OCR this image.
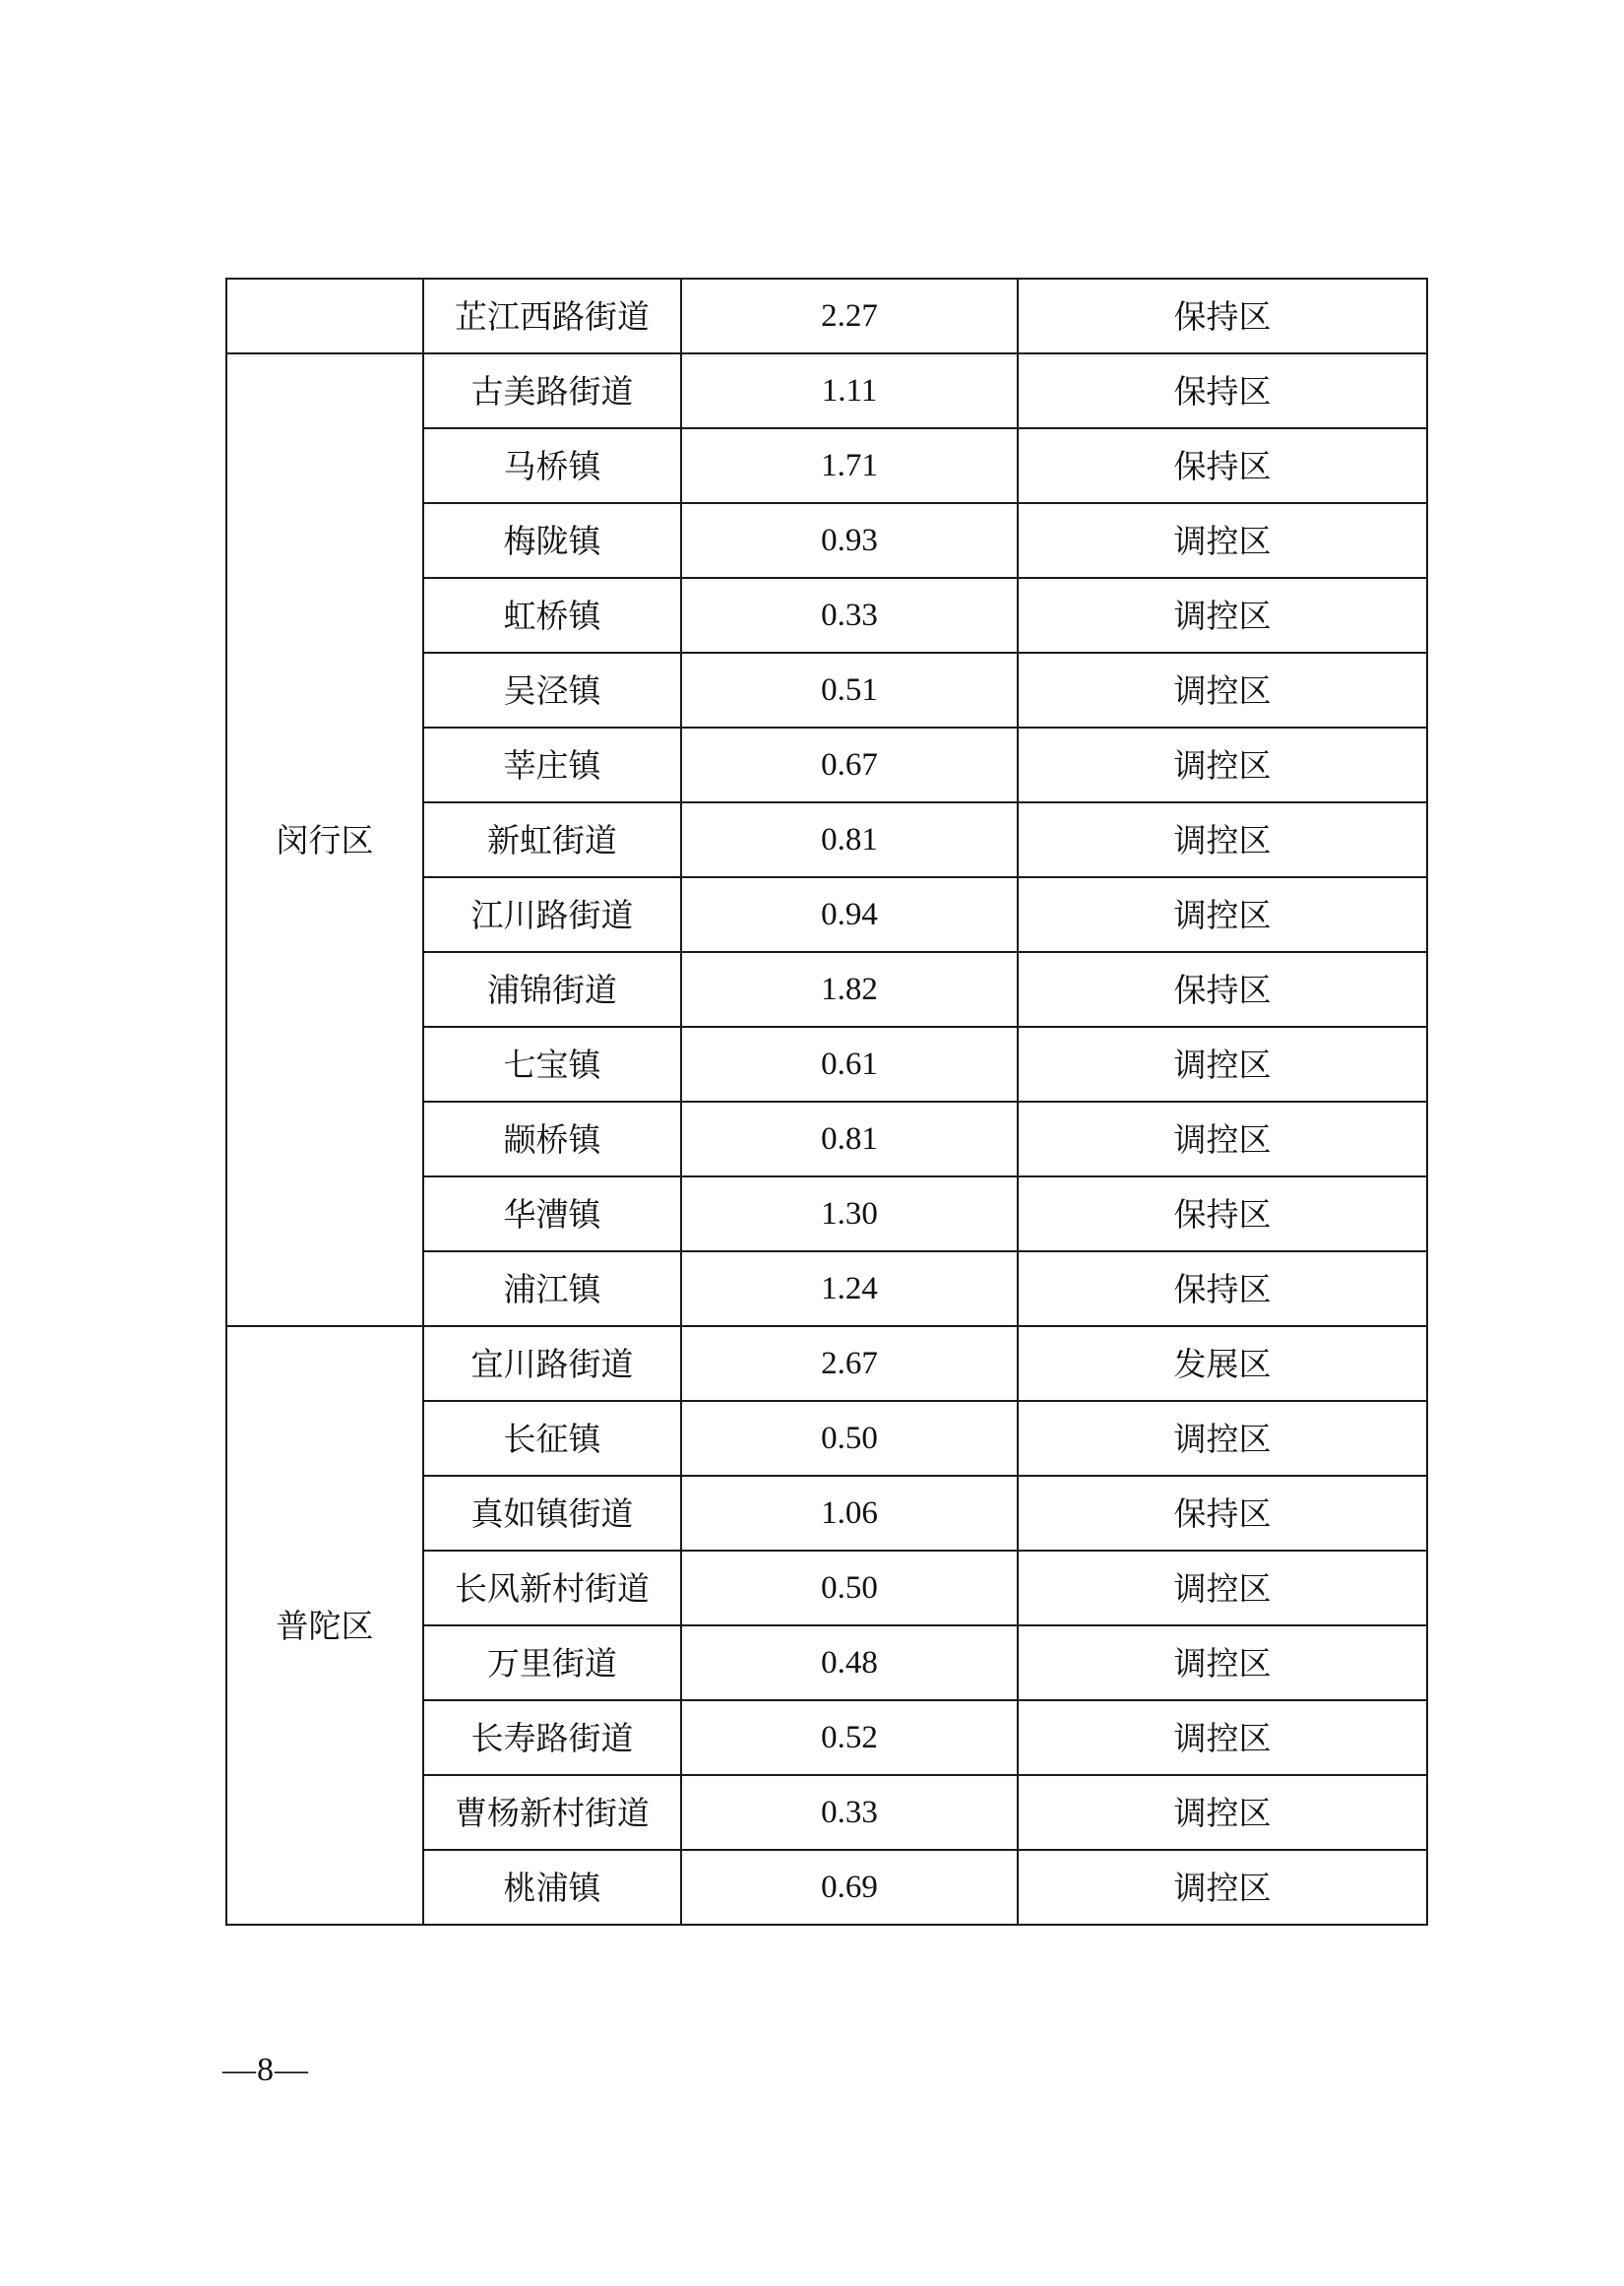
	芷江西路街道	2.27	保持区
闵行区	古美路街道	1.11	保持区
	马桥镇	1.71	保持区
	梅陇镇	0.93	调控区
	虹桥镇	0.33	调控区
	吴泾镇	0.51	调控区
	莘庄镇	0.67	调控区
	新虹街道	0.81	调控区
	江川路街道	0.94	调控区
	浦锦街道	1.82	保持区
	七宝镇	0.61	调控区
	颛桥镇	0.81	调控区
	华漕镇	1.30	保持区
	浦江镇	1.24	保持区
普陀区	宜川路街道	2.67	发展区
	长征镇	0.50	调控区
	真如镇街道	1.06	保持区
	长风新村街道	0.50	调控区
	万里街道	0.48	调控区
	长寿路街道	0.52	调控区
	曹杨新村街道	0.33	调控区
	桃浦镇	0.69	调控区
—8—
